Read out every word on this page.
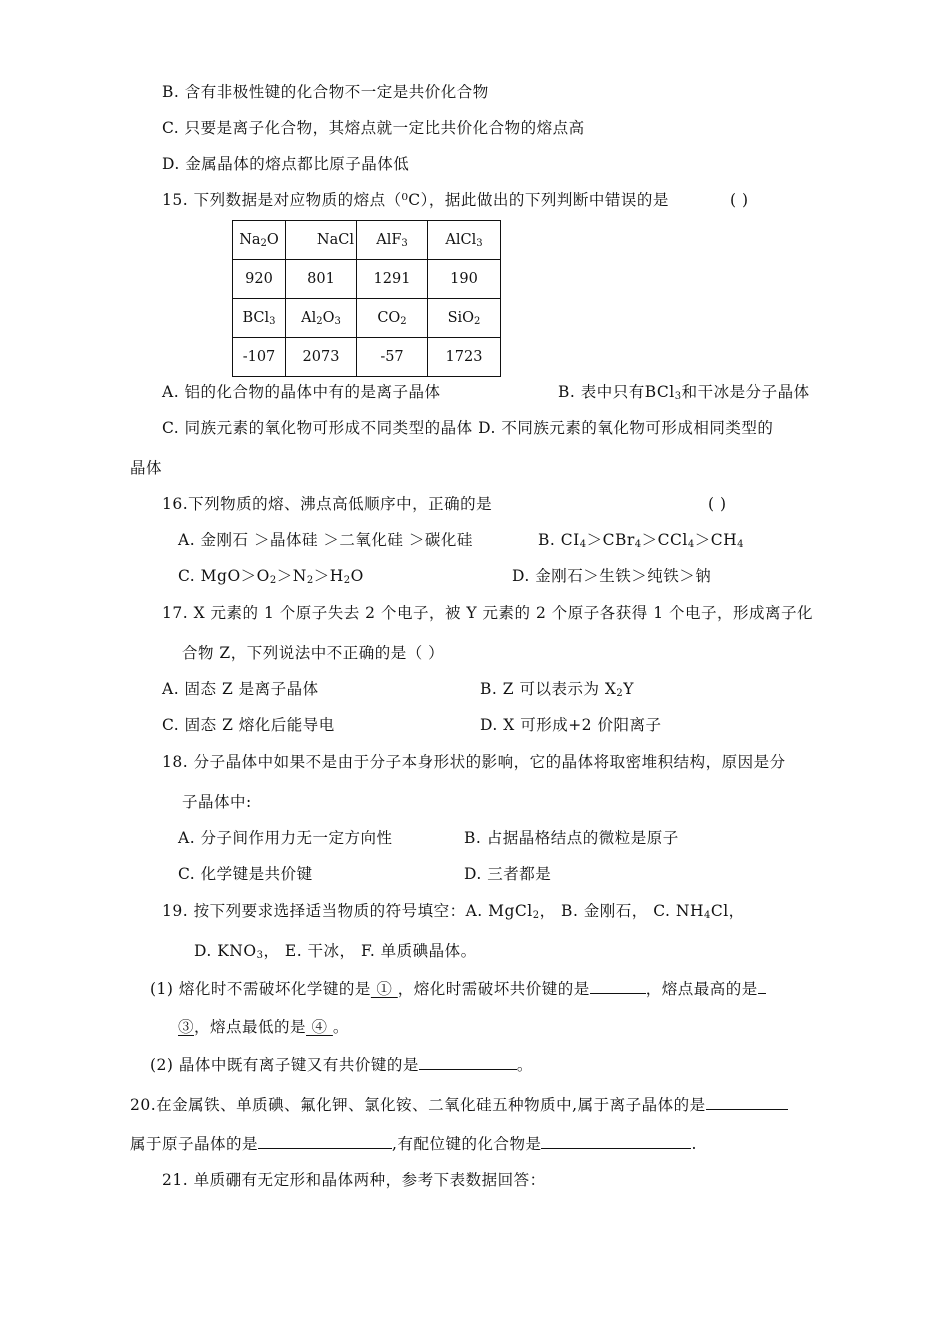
B. 含有非极性键的化合物不一定是共价化合物
C. 只要是离子化合物，其熔点就一定比共价化合物的熔点高
D. 金属晶体的熔点都比原子晶体低
15. 下列数据是对应物质的熔点（⁰C），据此做出的下列判断中错误的是	( )
$Na_2O$	NaCl	AlF$_3$	AlCl$_3$
920	801	1291	190
BCl$_3$	$Al_2O_3$	$CO_2$	SiO$_2$
-107	2073	-57	1723
A. 铝的化合物的晶体中有的是离子晶体	B. 表中只有BCl$_3$和干冰是分子晶体
C. 同族元素的氧化物可形成不同类型的晶体 D. 不同族元素的氧化物可形成相同类型的
晶体
16.下列物质的熔、沸点高低顺序中，正确的是	( )
A. 金刚石 ＞晶体硅 ＞二氧化硅 ＞碳化硅	B. $CI_4>CBr_4>CCl_4>CH_4$
C. $MgO>O_2>N_2>H_2O$	D. 金刚石＞生铁＞纯铁＞钠
17. X 元素的 1 个原子失去 2 个电子，被 Y 元素的 2 个原子各获得 1 个电子，形成离子化
合物 Z，下列说法中不正确的是（ ）
A. 固态 Z 是离子晶体	B. Z 可以表示为 $X_2Y$
C. 固态 Z 熔化后能导电	D. X 可形成+2 价阳离子
18. 分子晶体中如果不是由于分子本身形状的影响，它的晶体将取密堆积结构，原因是分
子晶体中:
A. 分子间作用力无一定方向性	B. 占据晶格结点的微粒是原子
C. 化学键是共价键	D. 三者都是
19. 按下列要求选择适当物质的符号填空：A. MgCl$_2$， B. 金刚石， C. $NH_4Cl$，
D. $KNO_3$， E. 干冰， F. 单质碘晶体。
(1) 熔化时不需破坏化学键的是 ① ，熔化时需破坏共价键的是	，熔点最高的是
③，熔点最低的是 ④ 。
(2) 晶体中既有离子键又有共价键的是	。
20.在金属铁、单质碘、氟化钾、氯化铵、二氧化硅五种物质中,属于离子晶体的是
属于原子晶体的是	,有配位键的化合物是	.
21. 单质硼有无定形和晶体两种，参考下表数据回答：
